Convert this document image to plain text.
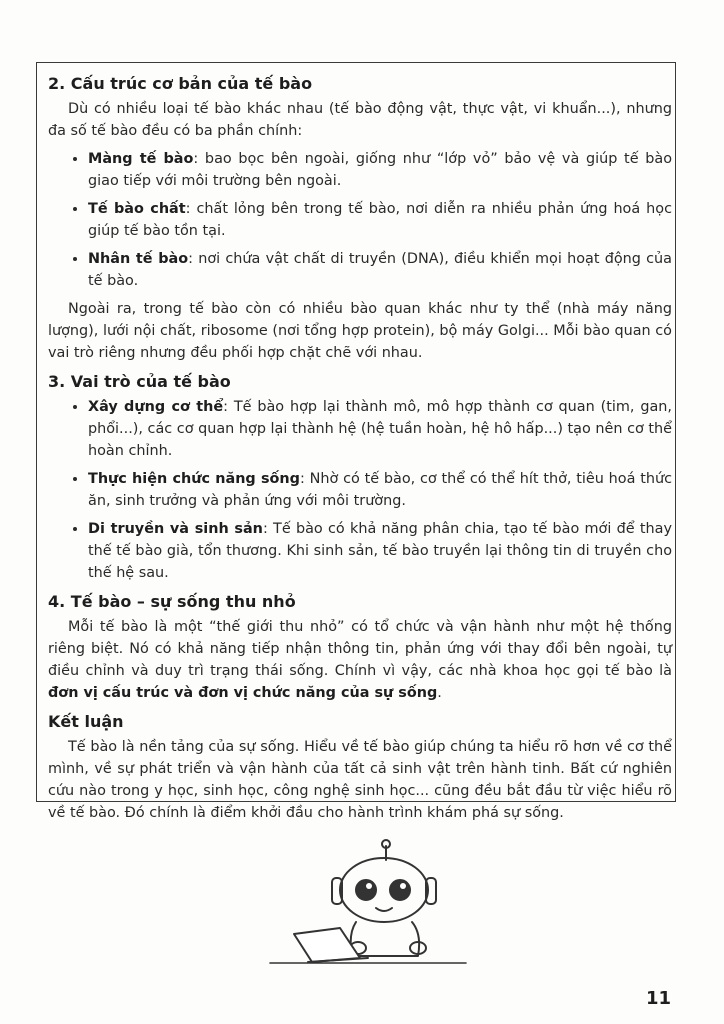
2. Cấu trúc cơ bản của tế bào

Dù có nhiều loại tế bào khác nhau (tế bào động vật, thực vật, vi khuẩn...), nhưng đa số tế bào đều có ba phần chính:

• Màng tế bào: bao bọc bên ngoài, giống như “lớp vỏ” bảo vệ và giúp tế bào giao tiếp với môi trường bên ngoài.
• Tế bào chất: chất lỏng bên trong tế bào, nơi diễn ra nhiều phản ứng hoá học giúp tế bào tồn tại.
• Nhân tế bào: nơi chứa vật chất di truyền (DNA), điều khiển mọi hoạt động của tế bào.

Ngoài ra, trong tế bào còn có nhiều bào quan khác như ty thể (nhà máy năng lượng), lưới nội chất, ribosome (nơi tổng hợp protein), bộ máy Golgi... Mỗi bào quan có vai trò riêng nhưng đều phối hợp chặt chẽ với nhau.

3. Vai trò của tế bào
• Xây dựng cơ thể: Tế bào hợp lại thành mô, mô hợp thành cơ quan (tim, gan, phổi...), các cơ quan hợp lại thành hệ (hệ tuần hoàn, hệ hô hấp...) tạo nên cơ thể hoàn chỉnh.
• Thực hiện chức năng sống: Nhờ có tế bào, cơ thể có thể hít thở, tiêu hoá thức ăn, sinh trưởng và phản ứng với môi trường.
• Di truyền và sinh sản: Tế bào có khả năng phân chia, tạo tế bào mới để thay thế tế bào già, tổn thương. Khi sinh sản, tế bào truyền lại thông tin di truyền cho thế hệ sau.
4. Tế bào – sự sống thu nhỏ

Mỗi tế bào là một “thế giới thu nhỏ” có tổ chức và vận hành như một hệ thống riêng biệt. Nó có khả năng tiếp nhận thông tin, phản ứng với thay đổi bên ngoài, tự điều chỉnh và duy trì trạng thái sống. Chính vì vậy, các nhà khoa học gọi tế bào là đơn vị cấu trúc và đơn vị chức năng của sự sống.

Kết luận

Tế bào là nền tảng của sự sống. Hiểu về tế bào giúp chúng ta hiểu rõ hơn về cơ thể mình, về sự phát triển và vận hành của tất cả sinh vật trên hành tinh. Bất cứ nghiên cứu nào trong y học, sinh học, công nghệ sinh học... cũng đều bắt đầu từ việc hiểu rõ về tế bào. Đó chính là điểm khởi đầu cho hành trình khám phá sự sống.

11
